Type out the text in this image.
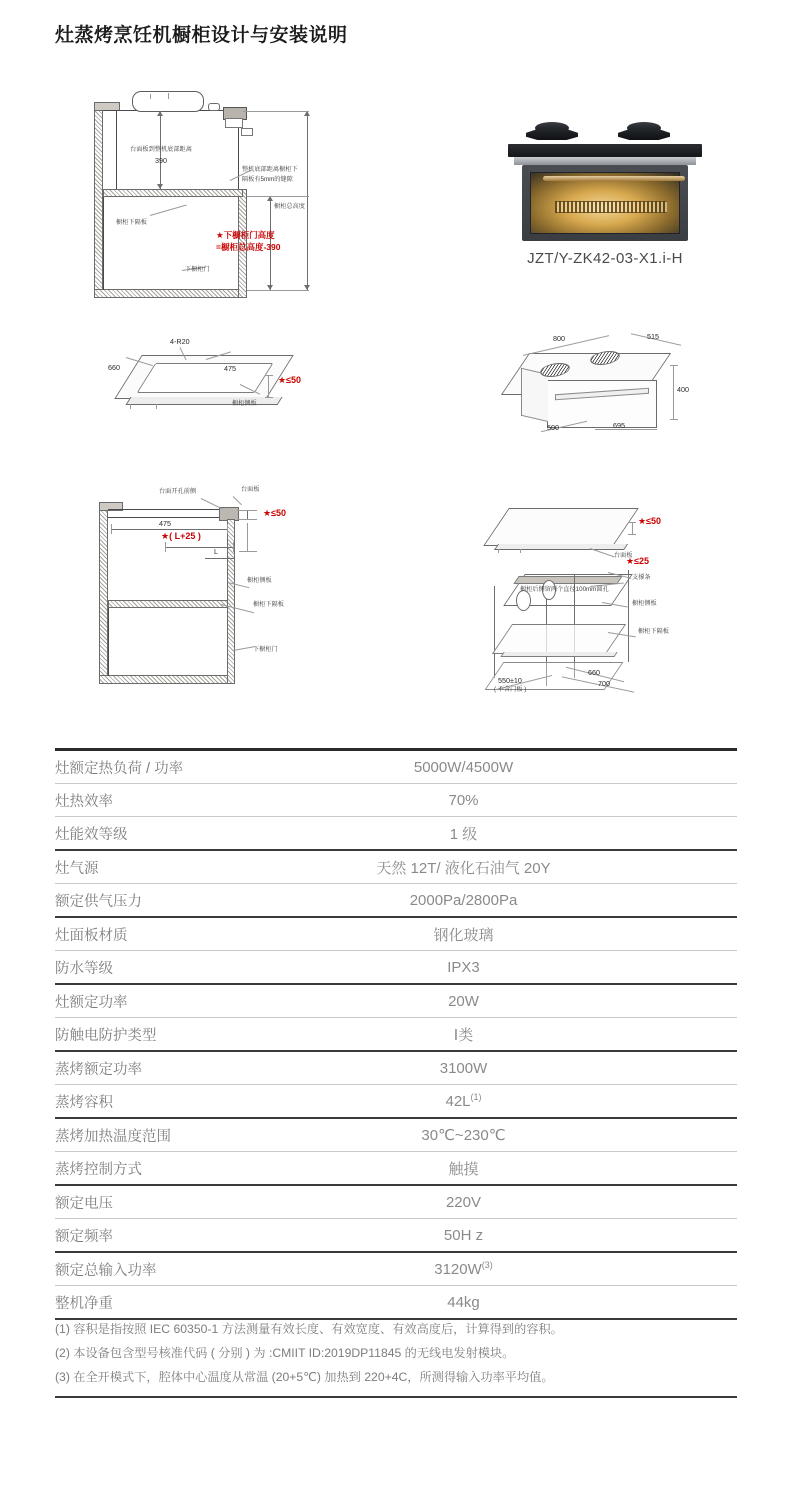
灶蒸烤烹饪机橱柜设计与安装说明
台面板到整机底部距离
390
整机底部距离橱柜下
隔板有5mm的缝隙
橱柜总高度
橱柜下隔板
下橱柜门
★下橱柜门高度
=橱柜总高度-390
JZT/Y-ZK42-03-X1.i-H
660
4-R20
475
★≤50
橱柜侧板
800	515
400
500	695
台面开孔前侧	台面板
★≤50
475
★( L+25 )
L
橱柜侧板
橱柜下隔板
下橱柜门
★≤50
台面板
★≤25
支撑条
橱柜后侧留两个直径100mm圆孔
橱柜侧板
橱柜下隔板
550±10
( 不含门板 )
660
700
灶额定热负荷 / 功率	5000W/4500W
灶热效率	70%
灶能效等级	1 级
灶气源	天然 12T/ 液化石油气 20Y
额定供气压力	2000Pa/2800Pa
灶面板材质	钢化玻璃
防水等级	IPX3
灶额定功率	20W
防触电防护类型	Ⅰ类
蒸烤额定功率	3100W
蒸烤容积	$42L^{(1)}$
蒸烤加热温度范围	30℃~230℃
蒸烤控制方式	触摸
额定电压	220V
额定频率	50H z
额定总输入功率	$3120W^{(3)}$
整机净重	44kg
(1) 容积是指按照 IEC 60350-1 方法测量有效长度、有效宽度、有效高度后，计算得到的容积。
(2) 本设备包含型号核准代码 ( 分别 ) 为 :CMIIT ID:2019DP11845 的无线电发射模块。
(3) 在全开模式下，腔体中心温度从常温 (20+5℃) 加热到 220+4C，所测得输入功率平均值。
